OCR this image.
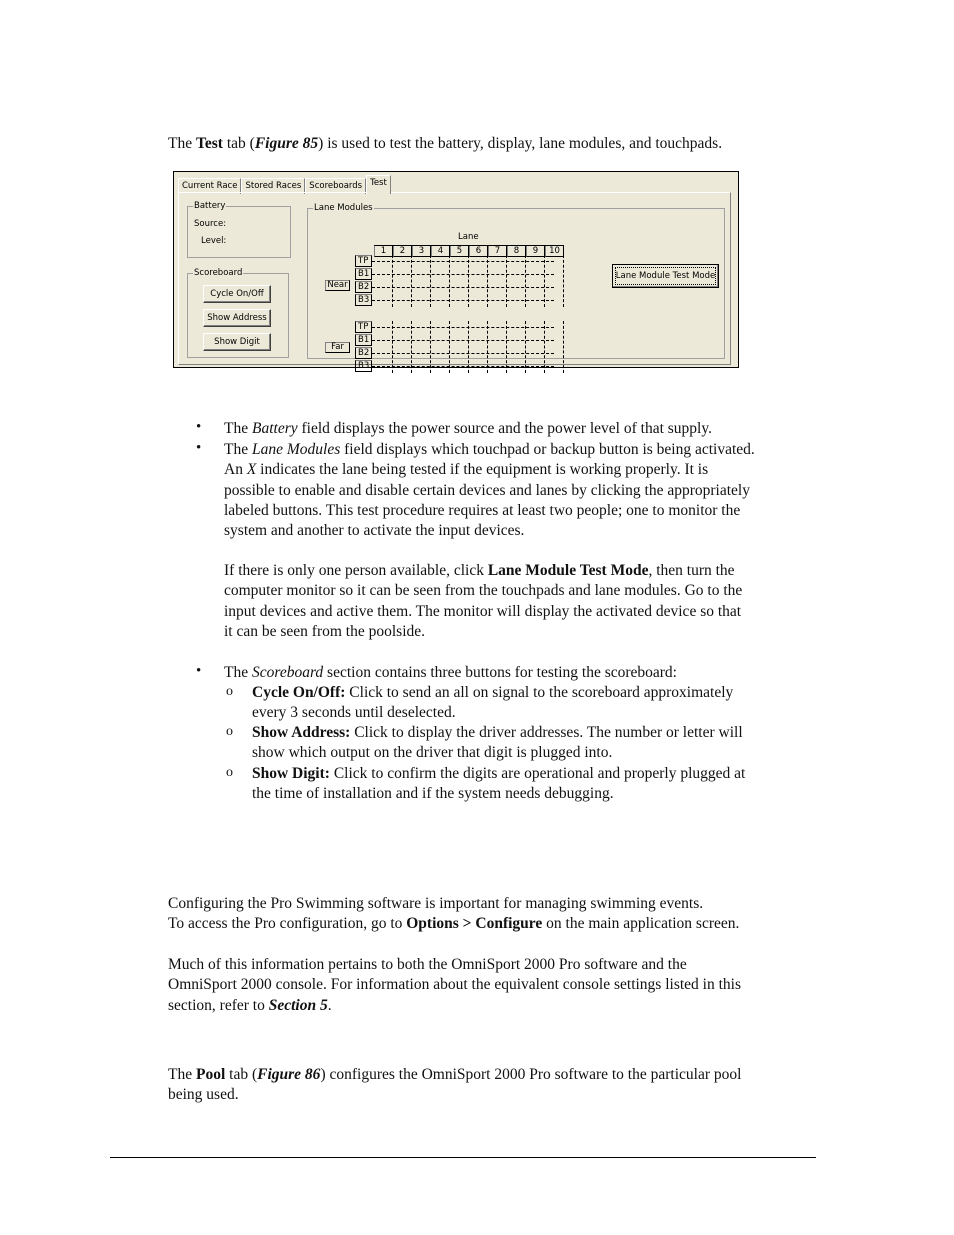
The Test tab (Figure 85) is used to test the battery, display, lane modules, and touchpads.

Current Race Stored Races Scoreboards Test
Battery
Source:
Level:
Scoreboard
Cycle On/Off
Show Address
Show Digit
Lane Modules
Lane
1	2	3	4	5	6	7	8	9	10
TP
B1
B2
B3
TP
B1
B2
B3
Near
Far
Lane Module Test Mode
• The Battery field displays the power source and the power level of that supply.

• The Lane Modules field displays which touchpad or backup button is being activated.
An X indicates the lane being tested if the equipment is working properly. It is
possible to enable and disable certain devices and lanes by clicking the appropriately
labeled buttons. This test procedure requires at least two people; one to monitor the
system and another to activate the input devices.

If there is only one person available, click Lane Module Test Mode, then turn the
computer monitor so it can be seen from the touchpads and lane modules. Go to the
input devices and active them. The monitor will display the activated device so that
it can be seen from the poolside.

• The Scoreboard section contains three buttons for testing the scoreboard:

o Cycle On/Off: Click to send an all on signal to the scoreboard approximately
every 3 seconds until deselected.

o Show Address: Click to display the driver addresses. The number or letter will
show which output on the driver that digit is plugged into.

o Show Digit: Click to confirm the digits are operational and properly plugged at
the time of installation and if the system needs debugging.

Configuring the Pro Swimming software is important for managing swimming events.
To access the Pro configuration, go to Options > Configure on the main application screen.

Much of this information pertains to both the OmniSport 2000 Pro software and the
OmniSport 2000 console. For information about the equivalent console settings listed in this
section, refer to Section 5.

The Pool tab (Figure 86) configures the OmniSport 2000 Pro software to the particular pool
being used.
